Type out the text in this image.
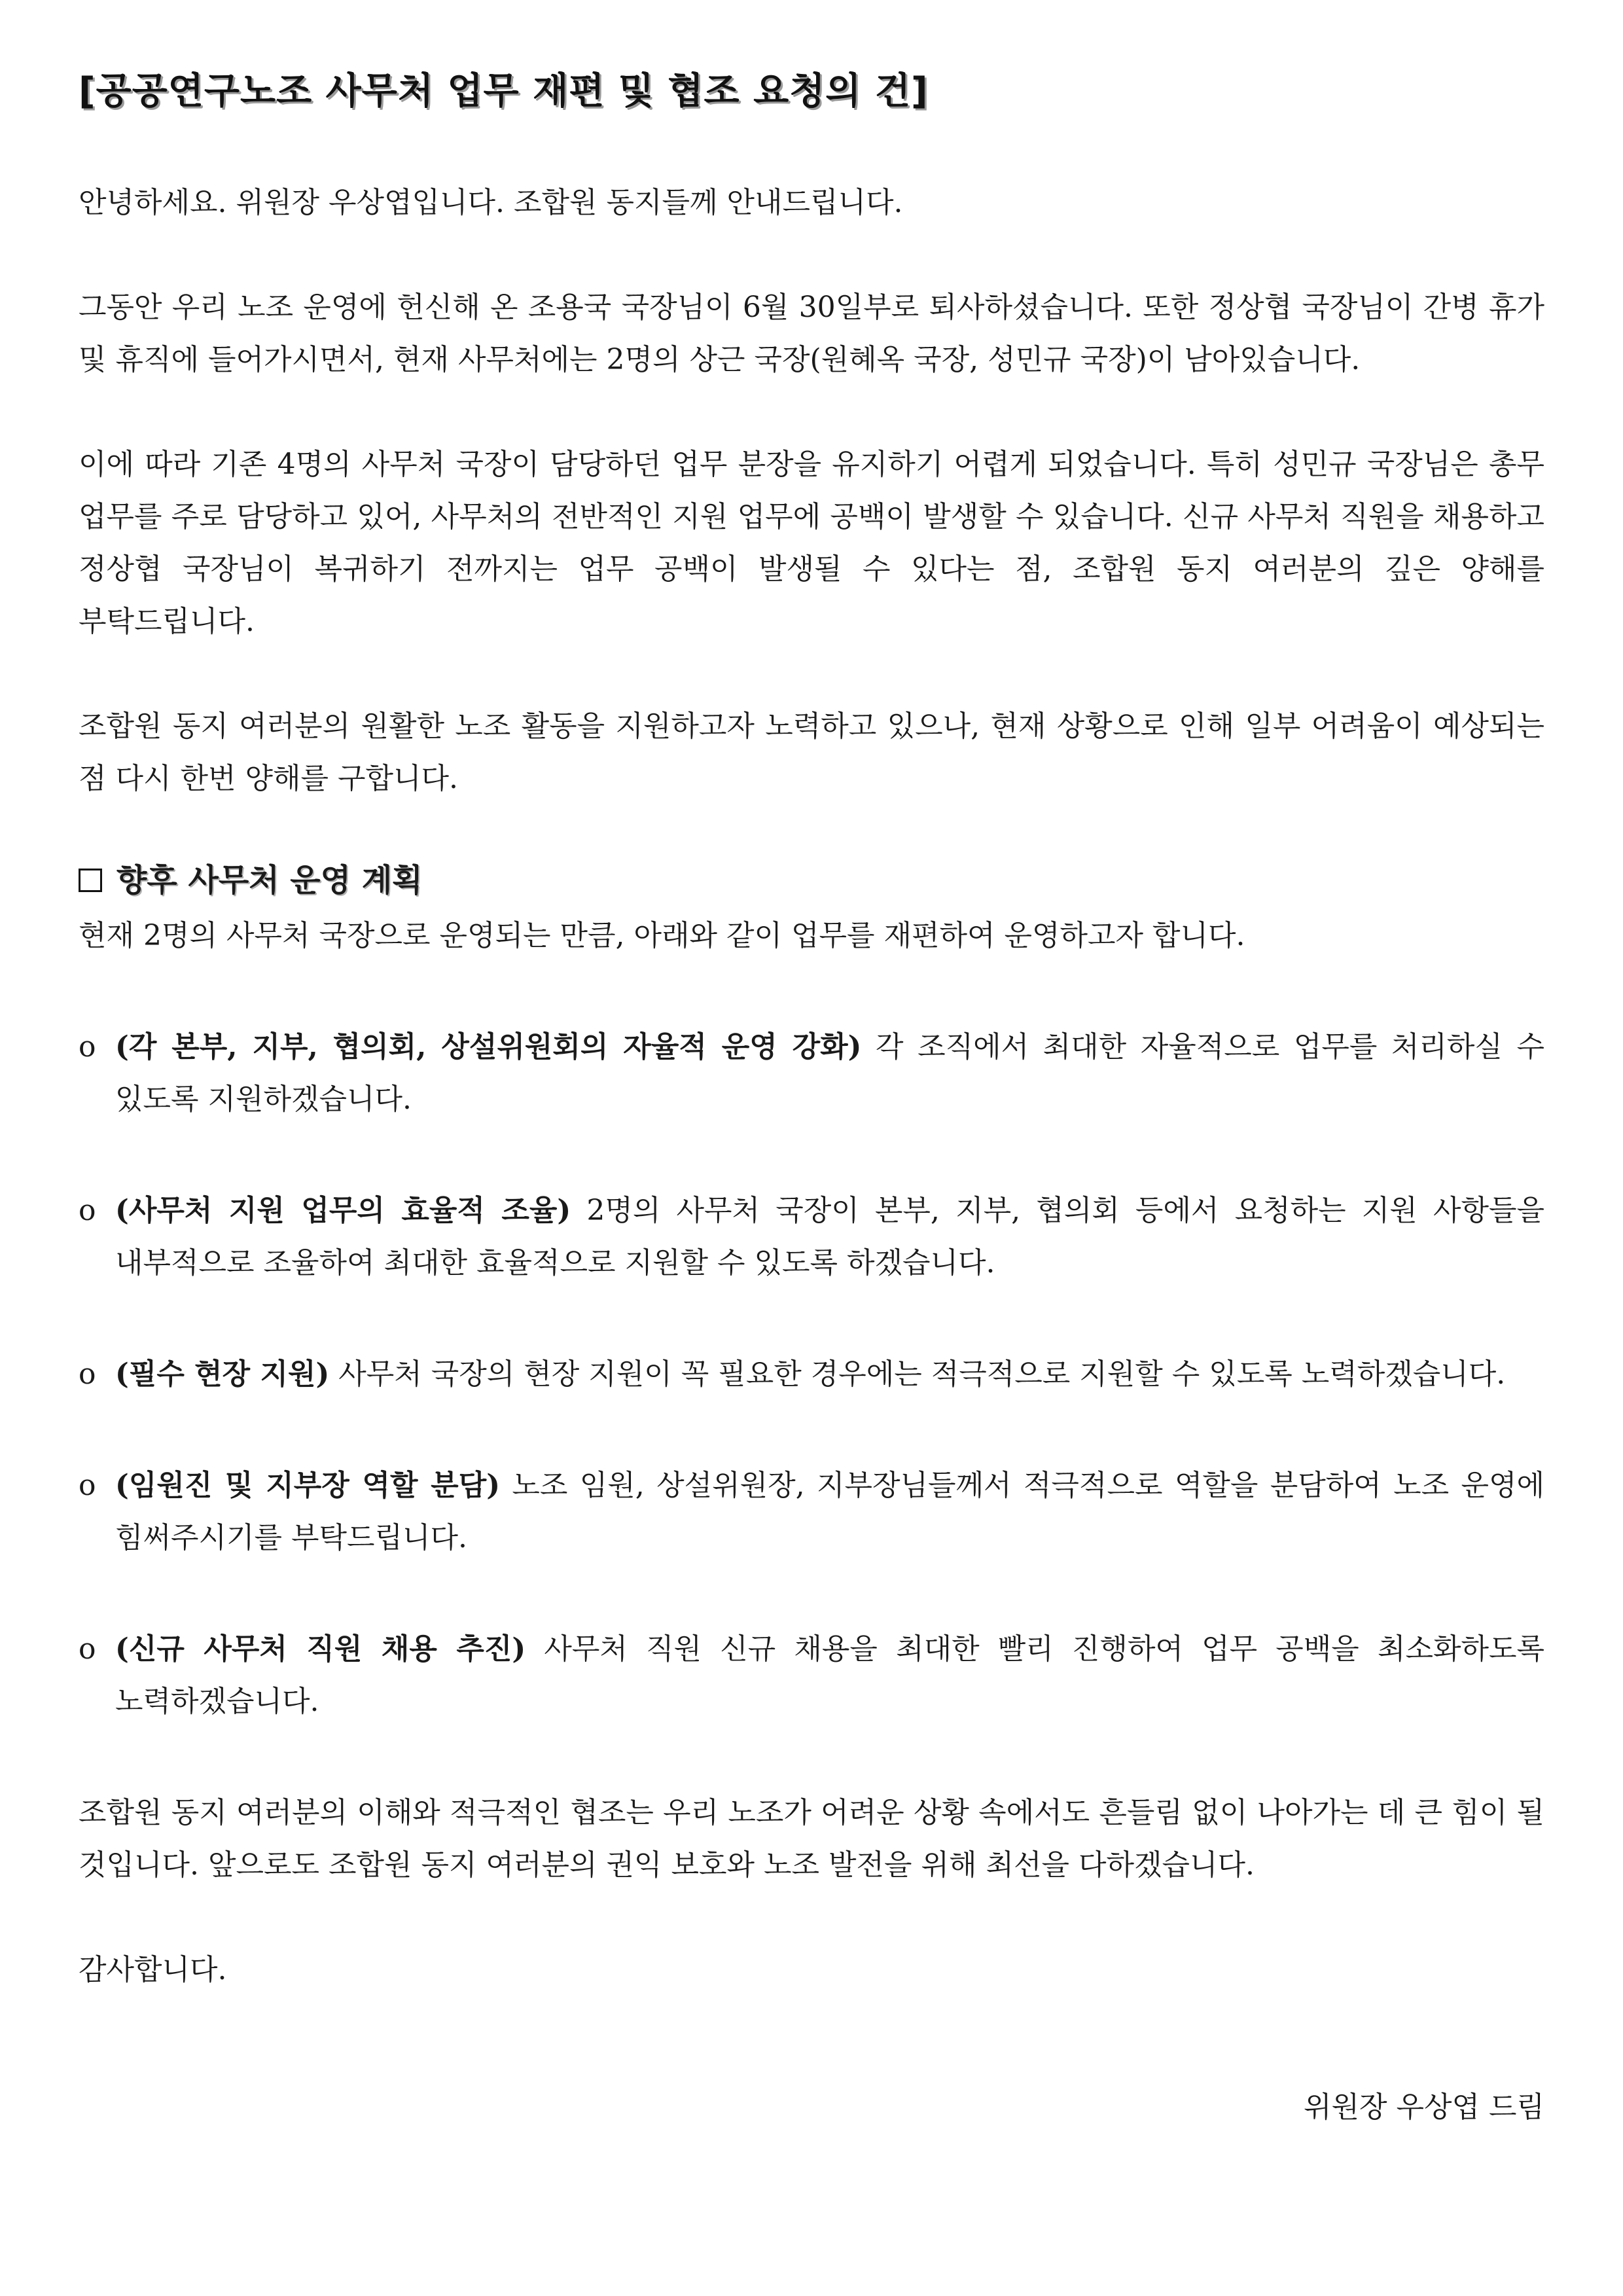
[공공연구노조 사무처 업무 재편 및 협조 요청의 건]

안녕하세요. 위원장 우상엽입니다. 조합원 동지들께 안내드립니다.

그동안 우리 노조 운영에 헌신해 온 조용국 국장님이 6월 30일부로 퇴사하셨습니다. 또한 정상협 국장님이 간병 휴가 및 휴직에 들어가시면서, 현재 사무처에는 2명의 상근 국장(원혜옥 국장, 성민규 국장)이 남아있습니다.

이에 따라 기존 4명의 사무처 국장이 담당하던 업무 분장을 유지하기 어렵게 되었습니다. 특히 성민규 국장님은 총무 업무를 주로 담당하고 있어, 사무처의 전반적인 지원 업무에 공백이 발생할 수 있습니다. 신규 사무처 직원을 채용하고 정상협 국장님이 복귀하기 전까지는 업무 공백이 발생될 수 있다는 점, 조합원 동지 여러분의 깊은 양해를 부탁드립니다.

조합원 동지 여러분의 원활한 노조 활동을 지원하고자 노력하고 있으나, 현재 상황으로 인해 일부 어려움이 예상되는 점 다시 한번 양해를 구합니다.

향후 사무처 운영 계획

현재 2명의 사무처 국장으로 운영되는 만큼, 아래와 같이 업무를 재편하여 운영하고자 합니다.

o (각 본부, 지부, 협의회, 상설위원회의 자율적 운영 강화) 각 조직에서 최대한 자율적으로 업무를 처리하실 수 있도록 지원하겠습니다.
o (사무처 지원 업무의 효율적 조율) 2명의 사무처 국장이 본부, 지부, 협의회 등에서 요청하는 지원 사항들을 내부적으로 조율하여 최대한 효율적으로 지원할 수 있도록 하겠습니다.
o (필수 현장 지원) 사무처 국장의 현장 지원이 꼭 필요한 경우에는 적극적으로 지원할 수 있도록 노력하겠습니다.
o (임원진 및 지부장 역할 분담) 노조 임원, 상설위원장, 지부장님들께서 적극적으로 역할을 분담하여 노조 운영에 힘써주시기를 부탁드립니다.
o (신규 사무처 직원 채용 추진) 사무처 직원 신규 채용을 최대한 빨리 진행하여 업무 공백을 최소화하도록 노력하겠습니다.

조합원 동지 여러분의 이해와 적극적인 협조는 우리 노조가 어려운 상황 속에서도 흔들림 없이 나아가는 데 큰 힘이 될 것입니다. 앞으로도 조합원 동지 여러분의 권익 보호와 노조 발전을 위해 최선을 다하겠습니다.

감사합니다.

위원장 우상엽 드림
